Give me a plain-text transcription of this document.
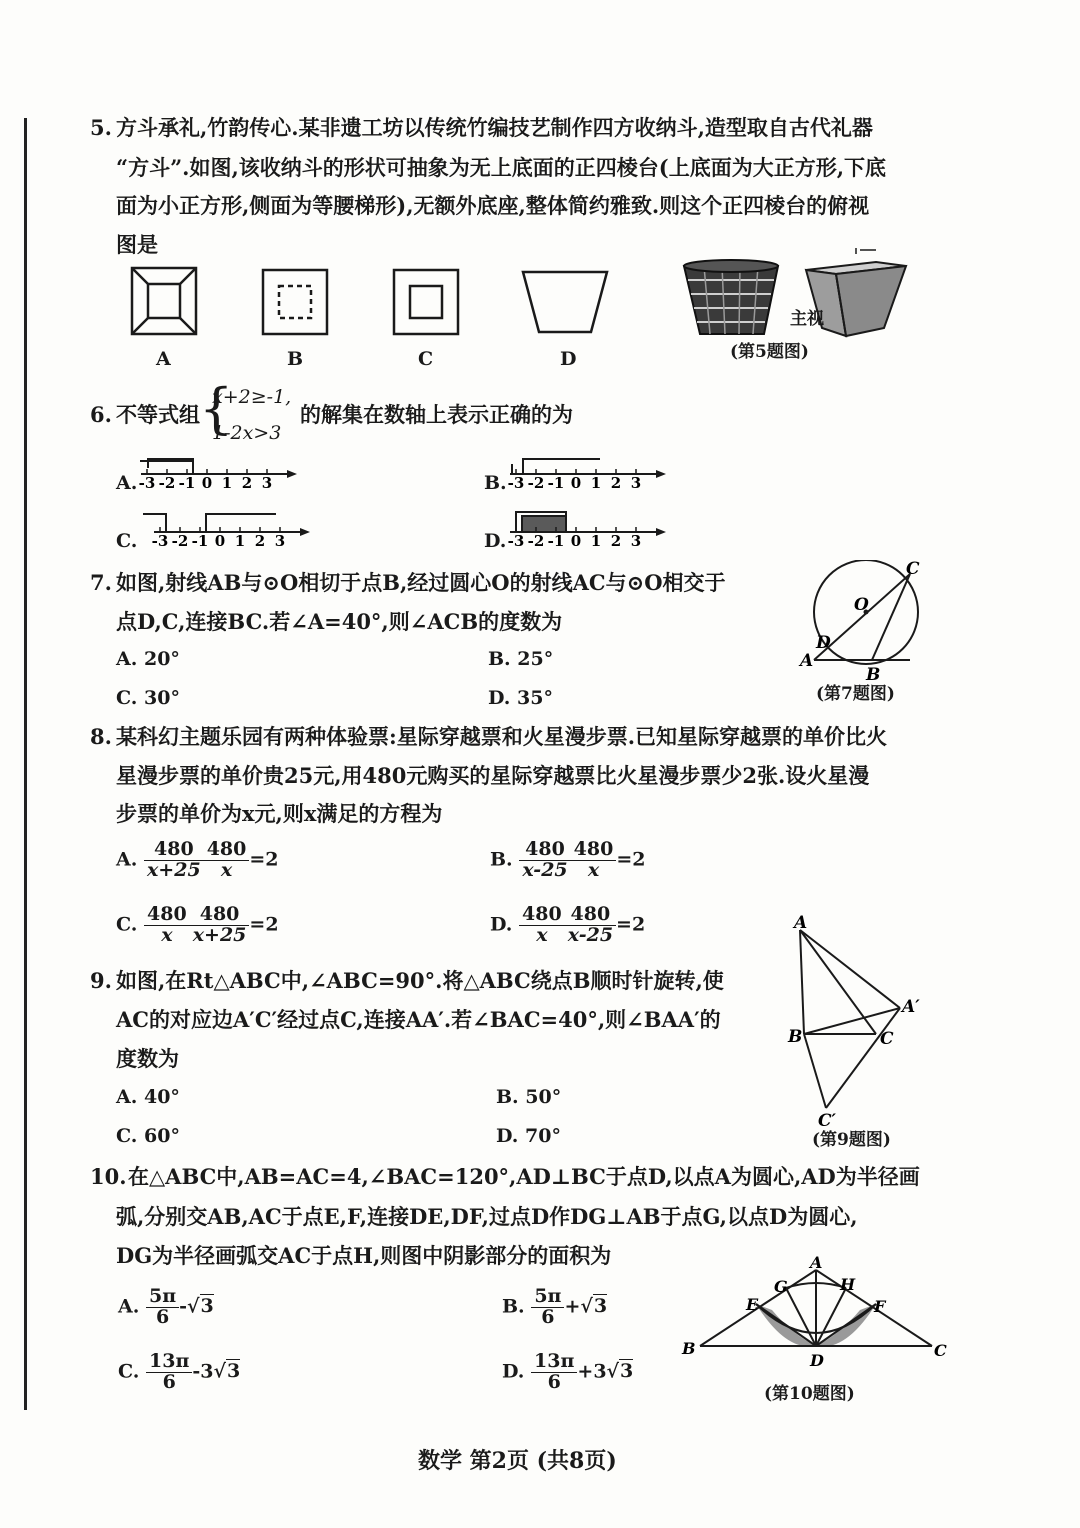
5. 方斗承礼,竹韵传心.某非遗工坊以传统竹编技艺制作四方收纳斗,造型取自古代礼器
“方斗”.如图,该收纳斗的形状可抽象为无上底面的正四棱台(上底面为大正方形,下底
面为小正方形,侧面为等腰梯形),无额外底座,整体简约雅致.则这个正四棱台的俯视
图是
A	B	C	D
主视
(第5题图)
6. 不等式组 {
x+2≥-1,
1-2x>3
的解集在数轴上表示正确的为
A.	B.
C.	D.
-3 -2 -1 0 1 2 3	-3 -2 -1 0 1 2 3
-3 -2 -1 0 1 2 3	-3 -2 -1 0 1 2 3
7. 如图,射线AB与⊙O相切于点B,经过圆心O的射线AC与⊙O相交于
点D,C,连接BC.若∠A=40°,则∠ACB的度数为
A. 20°	B. 25°
C. 30°	D. 35°
C
O
D
A
B
(第7题图)
8. 某科幻主题乐园有两种体验票:星际穿越票和火星漫步票.已知星际穿越票的单价比火
星漫步票的单价贵25元,用480元购买的星际穿越票比火星漫步票少2张.设火星漫
步票的单价为x元,则x满足的方程为
A. $\frac{480}{x+25} \frac{480}{x} =2$	B. $\frac{480}{x-25} \frac{480}{x} =2$
C. $\frac{480}{x} \frac{480}{x+25} =2$	D. $\frac{480}{x} \frac{480}{x-25} =2$
9. 如图,在Rt△ABC中,∠ABC=90°.将△ABC绕点B顺时针旋转,使
AC的对应边A′C′经过点C,连接AA′.若∠BAC=40°,则∠BAA′的
度数为
A. 40°	B. 50°
C. 60°	D. 70°
A
A′
B	C
C′
(第9题图)
10. 在△ABC中,AB=AC=4,∠BAC=120°,AD⊥BC于点D,以点A为圆心,AD为半径画
弧,分别交AB,AC于点E,F,连接DE,DF,过点D作DG⊥AB于点G,以点D为圆心,
DG为半径画弧交AC于点H,则图中阴影部分的面积为
A. $\frac{5\pi}{6} -√3$	B. $\frac{5\pi}{6} +√3$
C. $\frac{13\pi}{6} -3√3$	D. $\frac{13\pi}{6} +3√3$
A
G	H
E	F
B
D
C
(第10题图)
数学 第2页 (共8页)
